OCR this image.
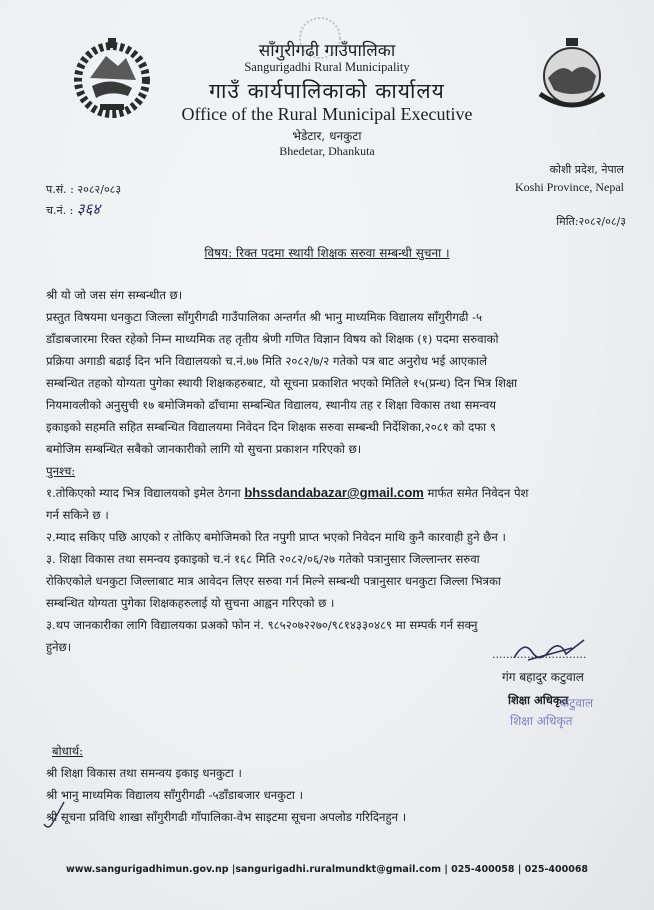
साँगुरीगढी गाउँपालिका
Sangurigadhi Rural Municipality
गाउँ कार्यपालिकाको कार्यालय
Office of the Rural Municipal Executive
भेडेटार, धनकुटा
Bhedetar, Dhankuta
कोशी प्रदेश, नेपाल
Koshi Province, Nepal
प.सं. : २०८२/०८३
च.नं. : ३६४
मिति:२०८२/०८/३
विषय: रिक्त पदमा स्थायी शिक्षक सरुवा सम्बन्धी सुचना ।
श्री यो जो जस संग सम्बन्धीत छ।
प्रस्तुत विषयमा धनकुटा जिल्ला साँगुरीगढी गाउँपालिका अन्तर्गत श्री भानु माध्यमिक विद्यालय साँगुरीगढी -५
डाँडाबजारमा रिक्त रहेको निम्न माध्यमिक तह तृतीय श्रेणी गणित विज्ञान विषय को शिक्षक (१) पदमा सरुवाको
प्रक्रिया अगाडी बढाई दिन भनि विद्यालयको च.नं.७७ मिति २०८२/७/२ गतेको पत्र बाट अनुरोध भई आएकाले
सम्बन्धित तहको योग्यता पुगेका स्थायी शिक्षकहरुबाट, यो सूचना प्रकाशित भएको मितिले १५(प्रन्ध) दिन भित्र शिक्षा
नियमावलीको अनुसुची १७ बमोजिमको ढाँचामा सम्बन्धित विद्यालय, स्थानीय तह र शिक्षा विकास तथा समन्वय
इकाइको सहमति सहित सम्बन्धित विद्यालयमा निवेदन दिन शिक्षक सरुवा सम्बन्धी निर्देशिका,२०८१ को दफा ९
बमोजिम सम्बन्धित सबैको जानकारीको लागि यो सुचना प्रकाशन गरिएको छ।
पुनश्च:
१.तोकिएको म्याद भित्र विद्यालयको इमेल ठेगना bhssdandabazar@gmail.com मार्फत समेत निवेदन पेश
गर्न सकिने छ ।
२.म्याद सकिए पछि आएको र तोकिए बमोजिमको रित नपुगी प्राप्त भएको निवेदन माथि कुनै कारवाही हुने छैन ।
३. शिक्षा विकास तथा समन्वय इकाइको च.नं १६८ मिति २०८२/०६/२७ गतेको पत्रानुसार जिल्लान्तर सरुवा
रोकिएकोले धनकुटा जिल्लाबाट मात्र आवेदन लिएर सरुवा गर्न मिल्ने सम्बन्धी पत्रानुसार धनकुटा जिल्ला भित्रका
सम्बन्धित योग्यता पुगेका शिक्षकहरुलाई यो सुचना आह्वन गरिएको छ ।
३.थप जानकारीका लागि विद्यालयका प्रअको फोन नं. ९८५२०७२२७०/९८१४३३०४८९ मा सम्पर्क गर्न सक्नु
हुनेछ।
...........................
गंग बहादुर कटुवाल
शिक्षा अधिकृत
कटुवाल
शिक्षा अधिकृत
बोधार्थ:
श्री शिक्षा विकास तथा समन्वय इकाइ धनकुटा ।
श्री भानु माध्यमिक विद्यालय साँगुरीगढी -५डाँडाबजार धनकुटा ।
श्री सूचना प्रविधि शाखा साँगुरीगढी गाँपालिका-वेभ साइटमा सूचना अपलोड गरिदिनहुन ।
www.sangurigadhimun.gov.np |sangurigadhi.ruralmundkt@gmail.com | 025-400058 | 025-400068
